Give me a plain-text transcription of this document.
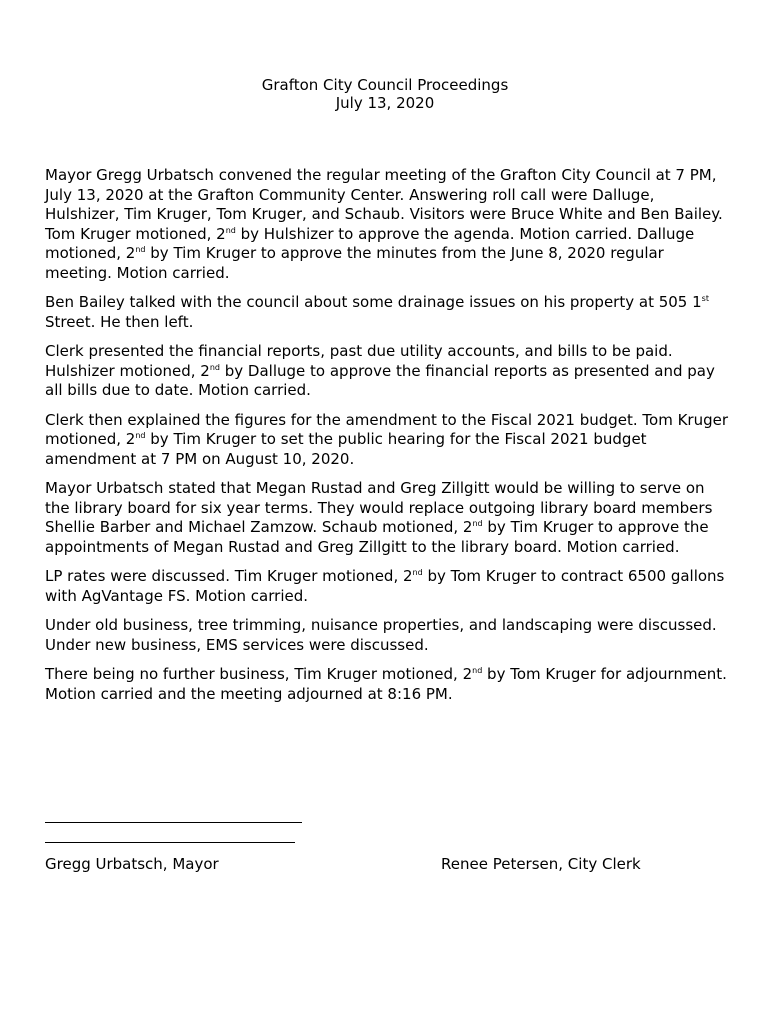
Grafton City Council Proceedings
July 13, 2020

Mayor Gregg Urbatsch convened the regular meeting of the Grafton City Council at 7 PM, July 13, 2020 at the Grafton Community Center. Answering roll call were Dalluge, Hulshizer, Tim Kruger, Tom Kruger, and Schaub. Visitors were Bruce White and Ben Bailey. Tom Kruger motioned, 2nd by Hulshizer to approve the agenda. Motion carried. Dalluge motioned, 2nd by Tim Kruger to approve the minutes from the June 8, 2020 regular meeting. Motion carried.

Ben Bailey talked with the council about some drainage issues on his property at 505 1st Street. He then left.

Clerk presented the financial reports, past due utility accounts, and bills to be paid. Hulshizer motioned, 2nd by Dalluge to approve the financial reports as presented and pay all bills due to date. Motion carried.

Clerk then explained the figures for the amendment to the Fiscal 2021 budget. Tom Kruger motioned, 2nd by Tim Kruger to set the public hearing for the Fiscal 2021 budget amendment at 7 PM on August 10, 2020.

Mayor Urbatsch stated that Megan Rustad and Greg Zillgitt would be willing to serve on the library board for six year terms. They would replace outgoing library board members Shellie Barber and Michael Zamzow. Schaub motioned, 2nd by Tim Kruger to approve the appointments of Megan Rustad and Greg Zillgitt to the library board. Motion carried.

LP rates were discussed. Tim Kruger motioned, 2nd by Tom Kruger to contract 6500 gallons with AgVantage FS. Motion carried.

Under old business, tree trimming, nuisance properties, and landscaping were discussed. Under new business, EMS services were discussed.

There being no further business, Tim Kruger motioned, 2nd by Tom Kruger for adjournment. Motion carried and the meeting adjourned at 8:16 PM.

Gregg Urbatsch, Mayor	Renee Petersen, City Clerk
